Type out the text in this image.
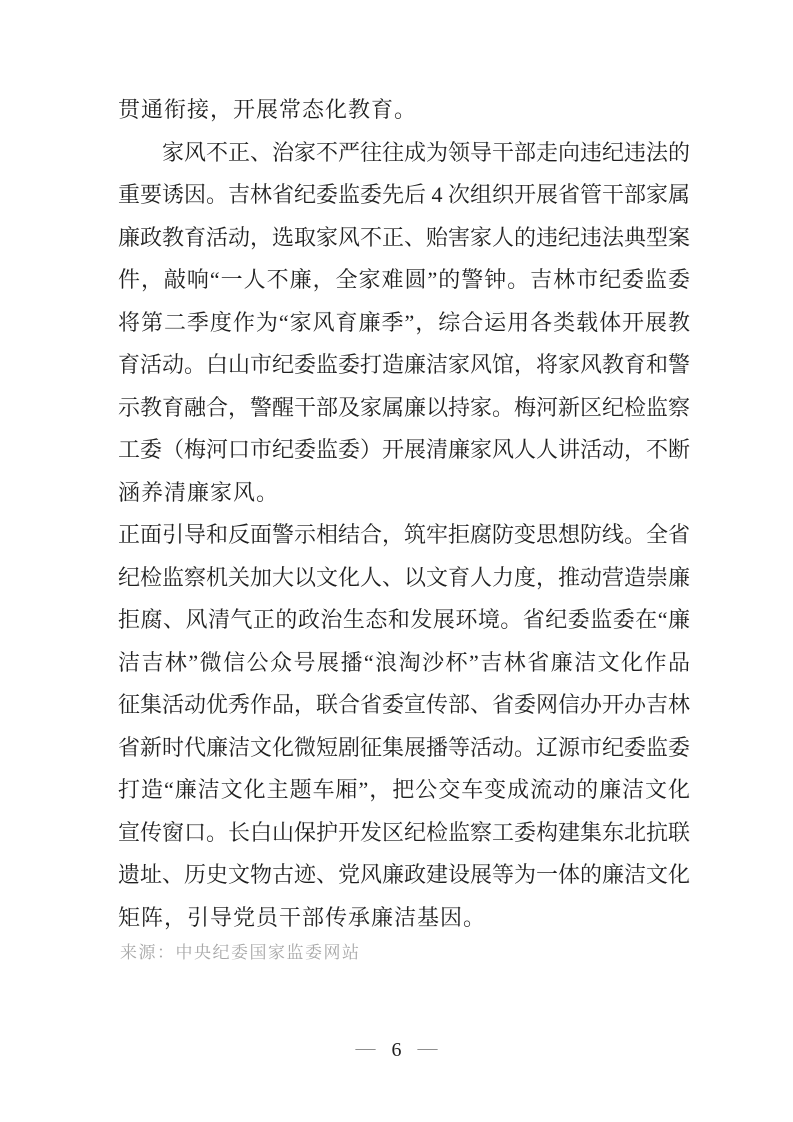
贯通衔接，开展常态化教育。
家风不正、治家不严往往成为领导干部走向违纪违法的
重要诱因。吉林省纪委监委先后 4 次组织开展省管干部家属
廉政教育活动，选取家风不正、贻害家人的违纪违法典型案
件，敲响“一人不廉，全家难圆”的警钟。吉林市纪委监委
将第二季度作为“家风育廉季”，综合运用各类载体开展教
育活动。白山市纪委监委打造廉洁家风馆，将家风教育和警
示教育融合，警醒干部及家属廉以持家。梅河新区纪检监察
工委（梅河口市纪委监委）开展清廉家风人人讲活动，不断
涵养清廉家风。
正面引导和反面警示相结合，筑牢拒腐防变思想防线。全省
纪检监察机关加大以文化人、以文育人力度，推动营造崇廉
拒腐、风清气正的政治生态和发展环境。省纪委监委在“廉
洁吉林”微信公众号展播“浪淘沙杯”吉林省廉洁文化作品
征集活动优秀作品，联合省委宣传部、省委网信办开办吉林
省新时代廉洁文化微短剧征集展播等活动。辽源市纪委监委
打造“廉洁文化主题车厢”，把公交车变成流动的廉洁文化
宣传窗口。长白山保护开发区纪检监察工委构建集东北抗联
遗址、历史文物古迹、党风廉政建设展等为一体的廉洁文化
矩阵，引导党员干部传承廉洁基因。
来源：中央纪委国家监委网站
— 6 —
